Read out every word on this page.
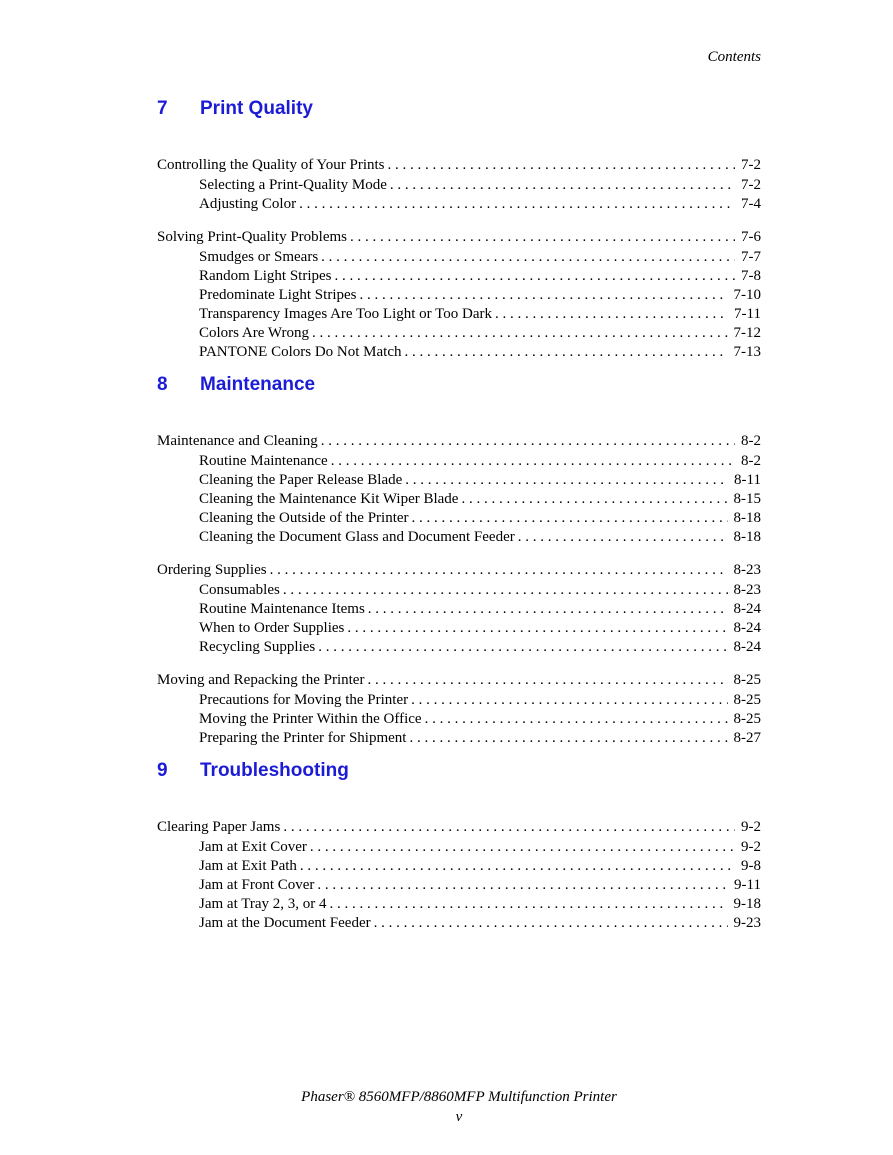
Contents
7	Print Quality
Controlling the Quality of Your Prints . . .	7-2
Selecting a Print-Quality Mode . . .	7-2
Adjusting Color . . .	7-4
Solving Print-Quality Problems . . .	7-6
Smudges or Smears . . .	7-7
Random Light Stripes . . .	7-8
Predominate Light Stripes . . .	7-10
Transparency Images Are Too Light or Too Dark . . .	7-11
Colors Are Wrong . . .	7-12
PANTONE Colors Do Not Match . . .	7-13
8	Maintenance
Maintenance and Cleaning . . .	8-2
Routine Maintenance . . .	8-2
Cleaning the Paper Release Blade . . .	8-11
Cleaning the Maintenance Kit Wiper Blade . . .	8-15
Cleaning the Outside of the Printer . . .	8-18
Cleaning the Document Glass and Document Feeder . . .	8-18
Ordering Supplies . . .	8-23
Consumables . . .	8-23
Routine Maintenance Items . . .	8-24
When to Order Supplies . . .	8-24
Recycling Supplies . . .	8-24
Moving and Repacking the Printer . . .	8-25
Precautions for Moving the Printer . . .	8-25
Moving the Printer Within the Office . . .	8-25
Preparing the Printer for Shipment . . .	8-27
9	Troubleshooting
Clearing Paper Jams . . .	9-2
Jam at Exit Cover . . .	9-2
Jam at Exit Path . . .	9-8
Jam at Front Cover . . .	9-11
Jam at Tray 2, 3, or 4 . . .	9-18
Jam at the Document Feeder . . .	9-23
Phaser® 8560MFP/8860MFP Multifunction Printer
v
